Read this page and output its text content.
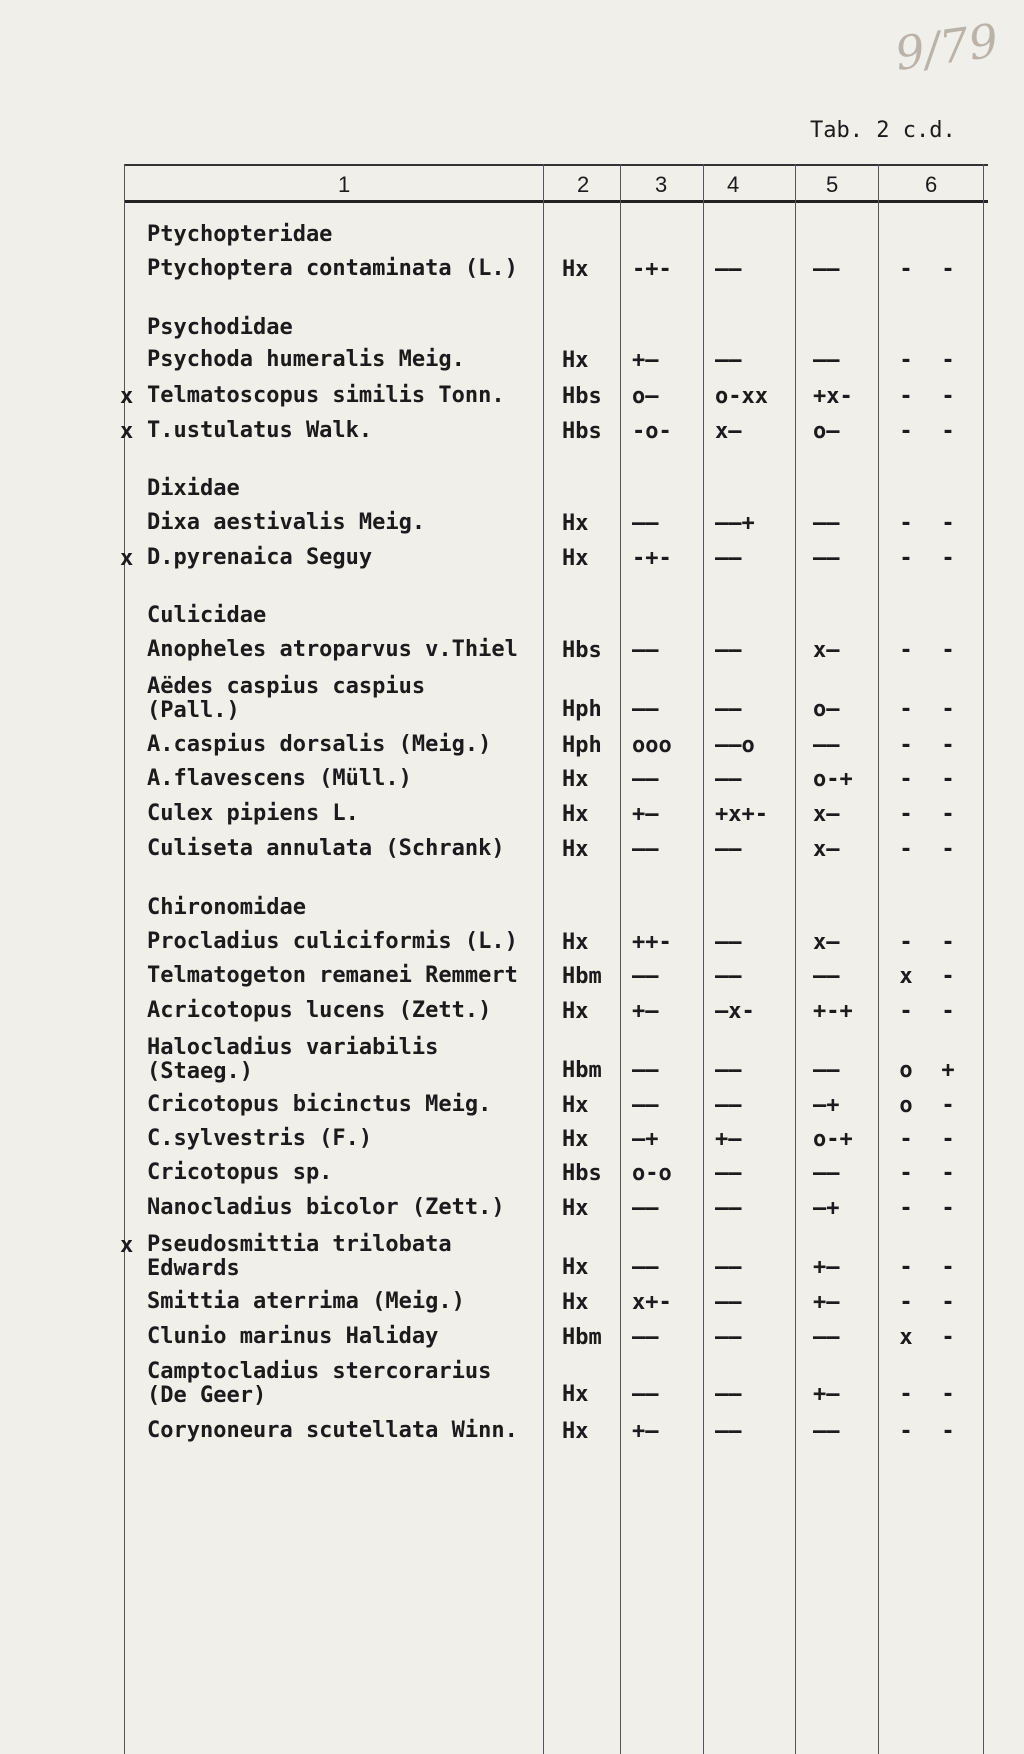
9/79
Tab. 2 c.d.
1	2	3	4	5	6
Ptychopteridae
Ptychoptera contaminata (L.) Hx -+-	——	——	- -
Psychodidae
Psychoda humeralis Meig.	Hx +—	——	——	- -
x Telmatoscopus similis Tonn.	Hbs o—	o-xx	+x-	- -
x T.ustulatus Walk.	Hbs -o-	x—	o—	- -
Dixidae
Dixa aestivalis Meig.	Hx ——	——+	——	- -
x D.pyrenaica Seguy	Hx -+-	——	——	- -
Culicidae
Anopheles atroparvus v.Thiel Hbs ——	——	x—	- -
Aëdes caspius caspius
(Pall.)	Hph ——	——	o—	- -
A.caspius dorsalis (Meig.)	Hph ooo	——o	——	- -
A.flavescens (Müll.)	Hx ——	——	o-+	- -
Culex pipiens L.	Hx +—	+x+-	x—	- -
Culiseta annulata (Schrank)	Hx ——	——	x—	- -
Chironomidae
Procladius culiciformis (L.) Hx ++-	——	x—	- -
Telmatogeton remanei Remmert Hbm ——	——	——	x -
Acricotopus lucens (Zett.)	Hx +—	—x-	+-+	- -
Halocladius variabilis
(Staeg.)	Hbm ——	——	——	o +
Cricotopus bicinctus Meig.	Hx ——	——	—+	o -
C.sylvestris (F.)	Hx —+	+—	o-+	- -
Cricotopus sp.	Hbs o-o	——	——	- -
Nanocladius bicolor (Zett.)	Hx ——	——	—+	- -
x Pseudosmittia trilobata
Edwards	Hx ——	——	+—	- -
Smittia aterrima (Meig.)	Hx x+-	——	+—	- -
Clunio marinus Haliday	Hbm ——	——	——	x -
Camptocladius stercorarius
(De Geer)	Hx ——	——	+—	- -
Corynoneura scutellata Winn. Hx +—	——	——	- -
